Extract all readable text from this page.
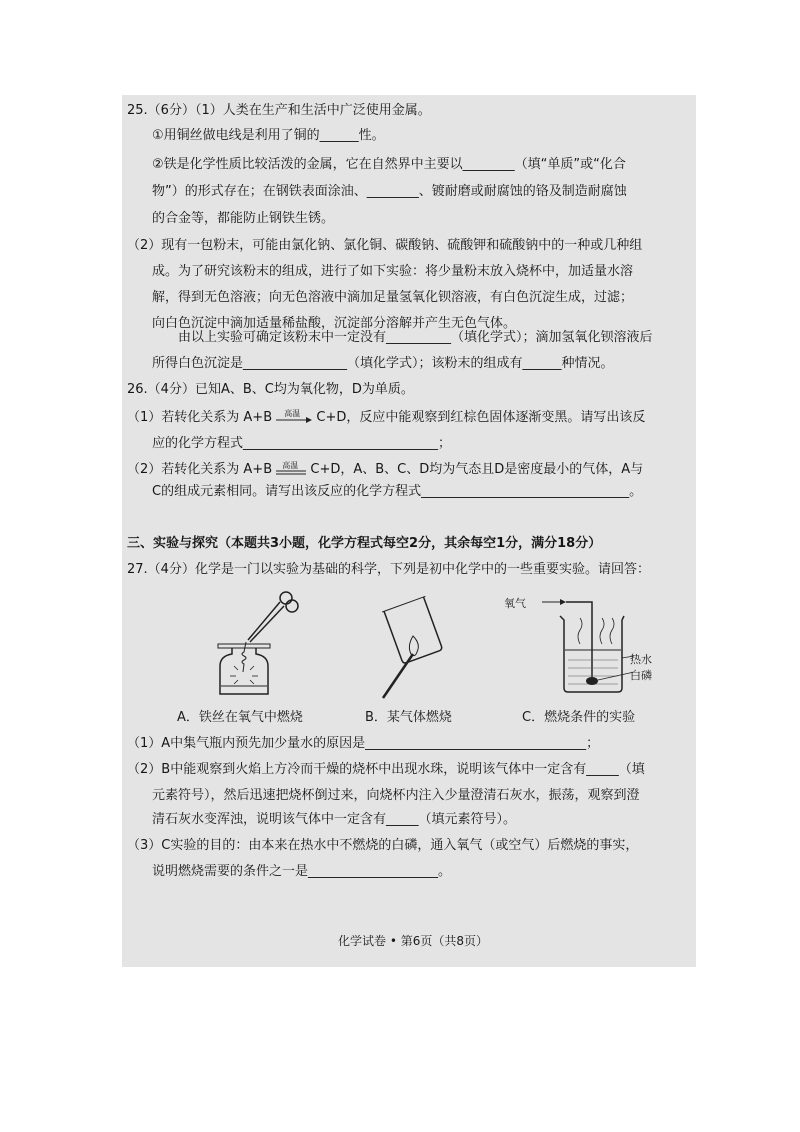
25.（6分）（1）人类在生产和生活中广泛使用金属。
①用铜丝做电线是利用了铜的______性。
②铁是化学性质比较活泼的金属，它在自然界中主要以________（填“单质”或“化合
物”）的形式存在；在钢铁表面涂油、________、镀耐磨或耐腐蚀的铬及制造耐腐蚀
的合金等，都能防止钢铁生锈。
（2）现有一包粉末，可能由氯化钠、氯化铜、碳酸钠、硫酸钾和硫酸钠中的一种或几种组
成。为了研究该粉末的组成，进行了如下实验：将少量粉末放入烧杯中，加适量水溶
解，得到无色溶液；向无色溶液中滴加足量氢氧化钡溶液，有白色沉淀生成，过滤；
向白色沉淀中滴加适量稀盐酸，沉淀部分溶解并产生无色气体。
由以上实验可确定该粉末中一定没有__________（填化学式）；滴加氢氧化钡溶液后
所得白色沉淀是________________（填化学式）；该粉末的组成有______种情况。
26.（4分）已知A、B、C均为氧化物，D为单质。
（1）若转化关系为 A+B 高温 C+D，反应中能观察到红棕色固体逐渐变黑。请写出该反
应的化学方程式______________________________；
（2）若转化关系为 A+B 高温 C+D，A、B、C、D均为气态且D是密度最小的气体，A与
C的组成元素相同。请写出该反应的化学方程式________________________________。
三、实验与探究（本题共3小题，化学方程式每空2分，其余每空1分，满分18分）
27.（4分）化学是一门以实验为基础的科学，下列是初中化学中的一些重要实验。请回答：
氧气
热水
白磷
A．铁丝在氧气中燃烧	B．某气体燃烧	C．燃烧条件的实验
（1）A中集气瓶内预先加少量水的原因是__________________________________；
（2）B中能观察到火焰上方冷而干燥的烧杯中出现水珠，说明该气体中一定含有_____（填
元素符号），然后迅速把烧杯倒过来，向烧杯内注入少量澄清石灰水，振荡，观察到澄
清石灰水变浑浊，说明该气体中一定含有_____（填元素符号）。
（3）C实验的目的：由本来在热水中不燃烧的白磷，通入氧气（或空气）后燃烧的事实，
说明燃烧需要的条件之一是____________________。
化学试卷 • 第6页（共8页）
